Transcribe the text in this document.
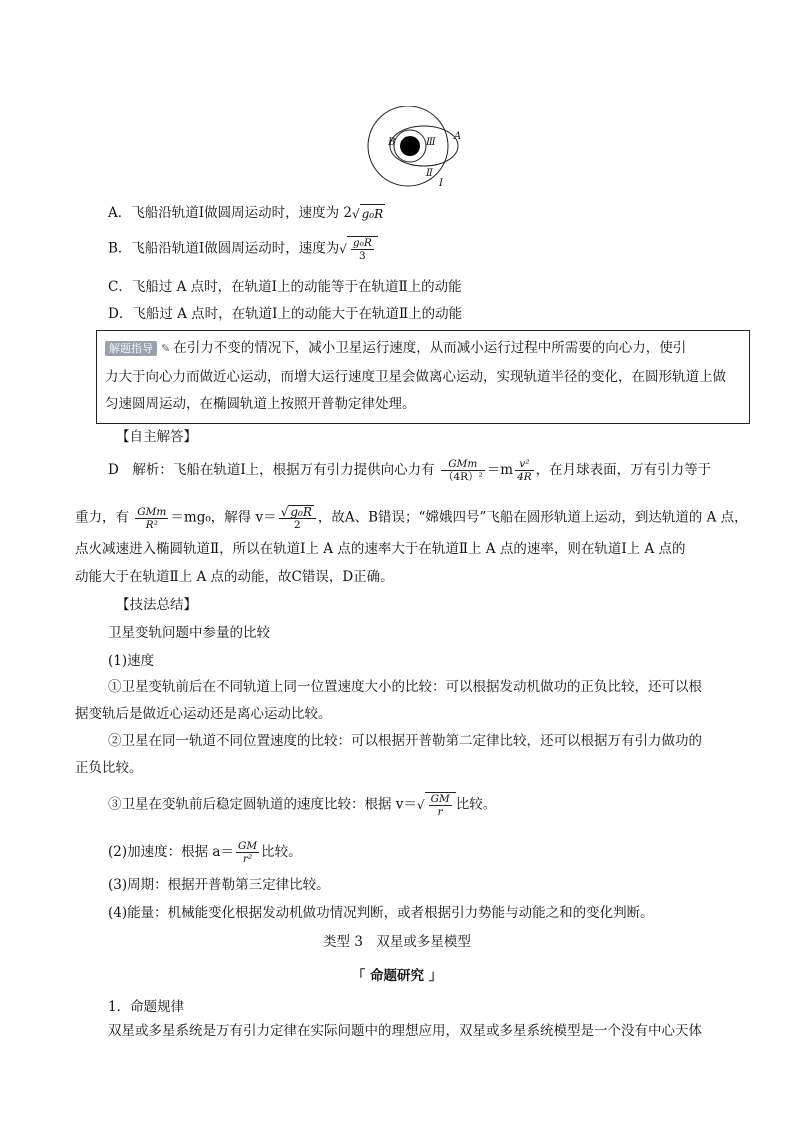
B
A
Ⅲ
Ⅱ
Ⅰ
A．飞船沿轨道Ⅰ做圆周运动时，速度为 2√ g₀R
B．飞船沿轨道Ⅰ做圆周运动时，速度为√ $\frac{\text{g₀R}}{3}$
C．飞船过 A 点时，在轨道Ⅰ上的动能等于在轨道Ⅱ上的动能
D．飞船过 A 点时，在轨道Ⅰ上的动能大于在轨道Ⅱ上的动能
解题指导 ✎ 在引力不变的情况下，减小卫星运行速度，从而减小运行过程中所需要的向心力，使引
力大于向心力而做近心运动，而增大运行速度卫星会做离心运动，实现轨道半径的变化，在圆形轨道上做
匀速圆周运动，在椭圆轨道上按照开普勒定律处理。
【自主解答】
D　解析：飞船在轨道Ⅰ上，根据万有引力提供向心力有 $\frac{\text{GMm}}{\text{（4R）²}} =m \frac{\text{v²}}{4R}$ ，在月球表面，万有引力等于
重力，有 $\frac{\text{GMm}}{\text{R²}} =mg_0$，解得 $v= \frac{\text{√ g₀R}}{2}$ ，故A、B错误；“嫦娥四号”飞船在圆形轨道上运动，到达轨道的 A 点，
点火减速进入椭圆轨道Ⅱ，所以在轨道Ⅰ上 A 点的速率大于在轨道Ⅱ上 A 点的速率，则在轨道Ⅰ上 A 点的
动能大于在轨道Ⅱ上 A 点的动能，故C错误，D正确。
【技法总结】
卫星变轨问题中参量的比较
(1)速度
①卫星变轨前后在不同轨道上同一位置速度大小的比较：可以根据发动机做功的正负比较，还可以根
据变轨后是做近心运动还是离心运动比较。
②卫星在同一轨道不同位置速度的比较：可以根据开普勒第二定律比较，还可以根据万有引力做功的
正负比较。
③卫星在变轨前后稳定圆轨道的速度比较：根据 $v=√ \frac{GM}{r}$ 比较。
(2)加速度：根据 $a= \frac{GM}{\text{r²}}$ 比较。
(3)周期：根据开普勒第三定律比较。
(4)能量：机械能变化根据发动机做功情况判断，或者根据引力势能与动能之和的变化判断。
类型 3　双星或多星模型
「 命题研究 」
1．命题规律
双星或多星系统是万有引力定律在实际问题中的理想应用，双星或多星系统模型是一个没有中心天体
